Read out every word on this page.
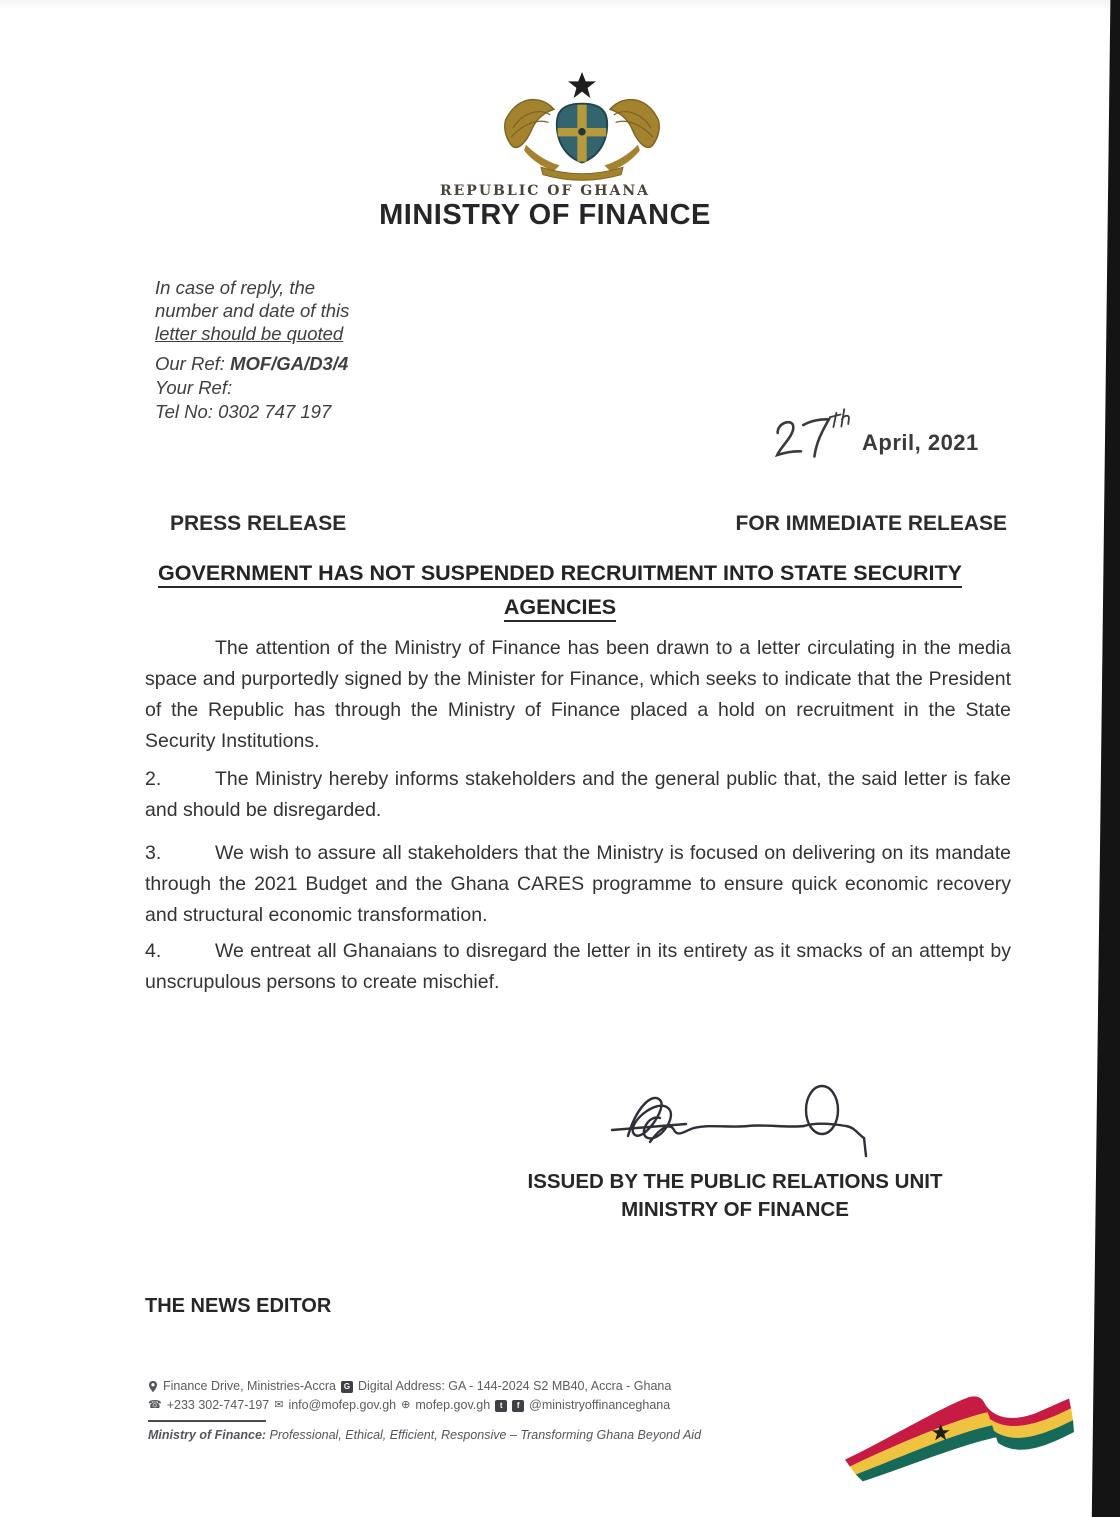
REPUBLIC OF GHANA
MINISTRY OF FINANCE
In case of reply, the
number and date of this
letter should be quoted
Our Ref: MOF/GA/D3/4
Your Ref:
Tel No: 0302 747 197
April, 2021
PRESS RELEASE	FOR IMMEDIATE RELEASE
GOVERNMENT HAS NOT SUSPENDED RECRUITMENT INTO STATE SECURITY
AGENCIES
The attention of the Ministry of Finance has been drawn to a letter circulating in the media space and purportedly signed by the Minister for Finance, which seeks to indicate that the President of the Republic has through the Ministry of Finance placed a hold on recruitment in the State Security Institutions.
2.	The Ministry hereby informs stakeholders and the general public that, the said letter is fake and should be disregarded.
3.	We wish to assure all stakeholders that the Ministry is focused on delivering on its mandate through the 2021 Budget and the Ghana CARES programme to ensure quick economic recovery and structural economic transformation.
4.	We entreat all Ghanaians to disregard the letter in its entirety as it smacks of an attempt by unscrupulous persons to create mischief.
ISSUED BY THE PUBLIC RELATIONS UNIT
MINISTRY OF FINANCE
THE NEWS EDITOR
Finance Drive, Ministries-Accra G Digital Address: GA - 144-2024 S2 MB40, Accra - Ghana
☎ +233 302-747-197 ✉ info@mofep.gov.gh ⊕ mofep.gov.gh	t	f @ministryoffinanceghana
Ministry of Finance: Professional, Ethical, Efficient, Responsive – Transforming Ghana Beyond Aid
